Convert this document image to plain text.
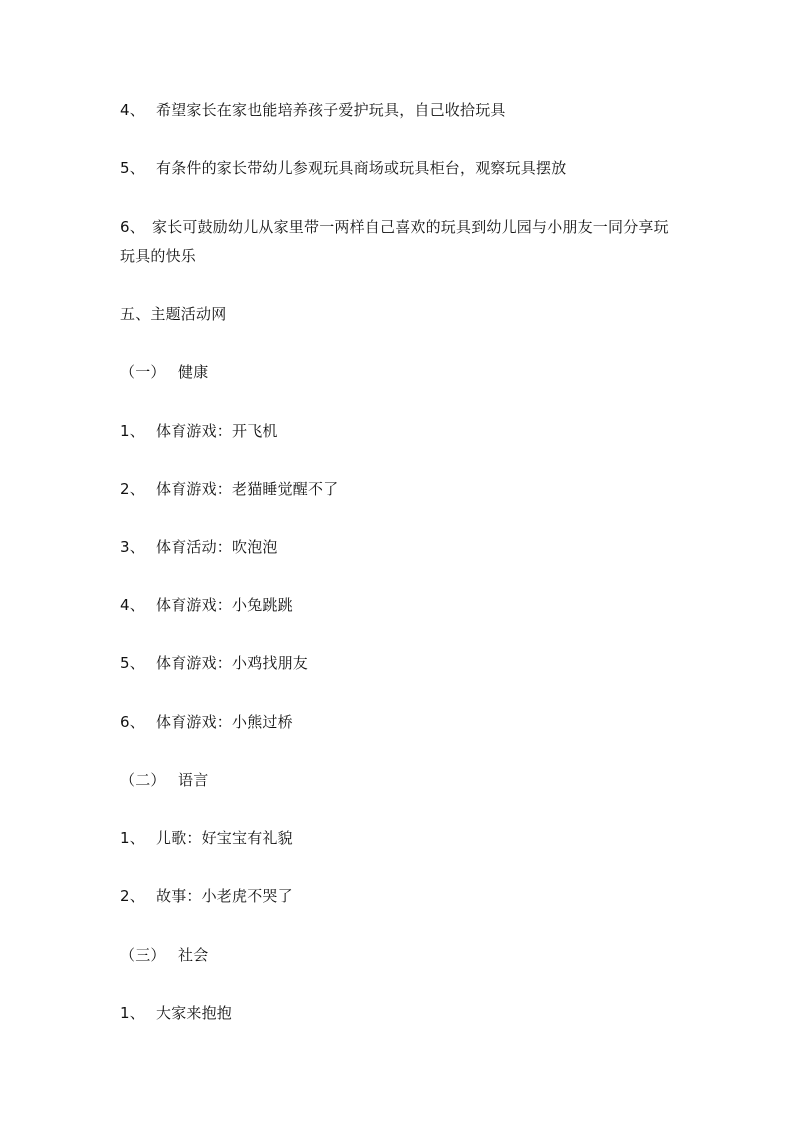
4、 希望家长在家也能培养孩子爱护玩具，自己收拾玩具
5、 有条件的家长带幼儿参观玩具商场或玩具柜台，观察玩具摆放
6、 家长可鼓励幼儿从家里带一两样自己喜欢的玩具到幼儿园与小朋友一同分享玩
玩具的快乐
五、主题活动网
（一） 健康
1、 体育游戏：开飞机
2、 体育游戏：老猫睡觉醒不了
3、 体育活动：吹泡泡
4、 体育游戏：小兔跳跳
5、 体育游戏：小鸡找朋友
6、 体育游戏：小熊过桥
（二） 语言
1、 儿歌：好宝宝有礼貌
2、 故事：小老虎不哭了
（三） 社会
1、 大家来抱抱
